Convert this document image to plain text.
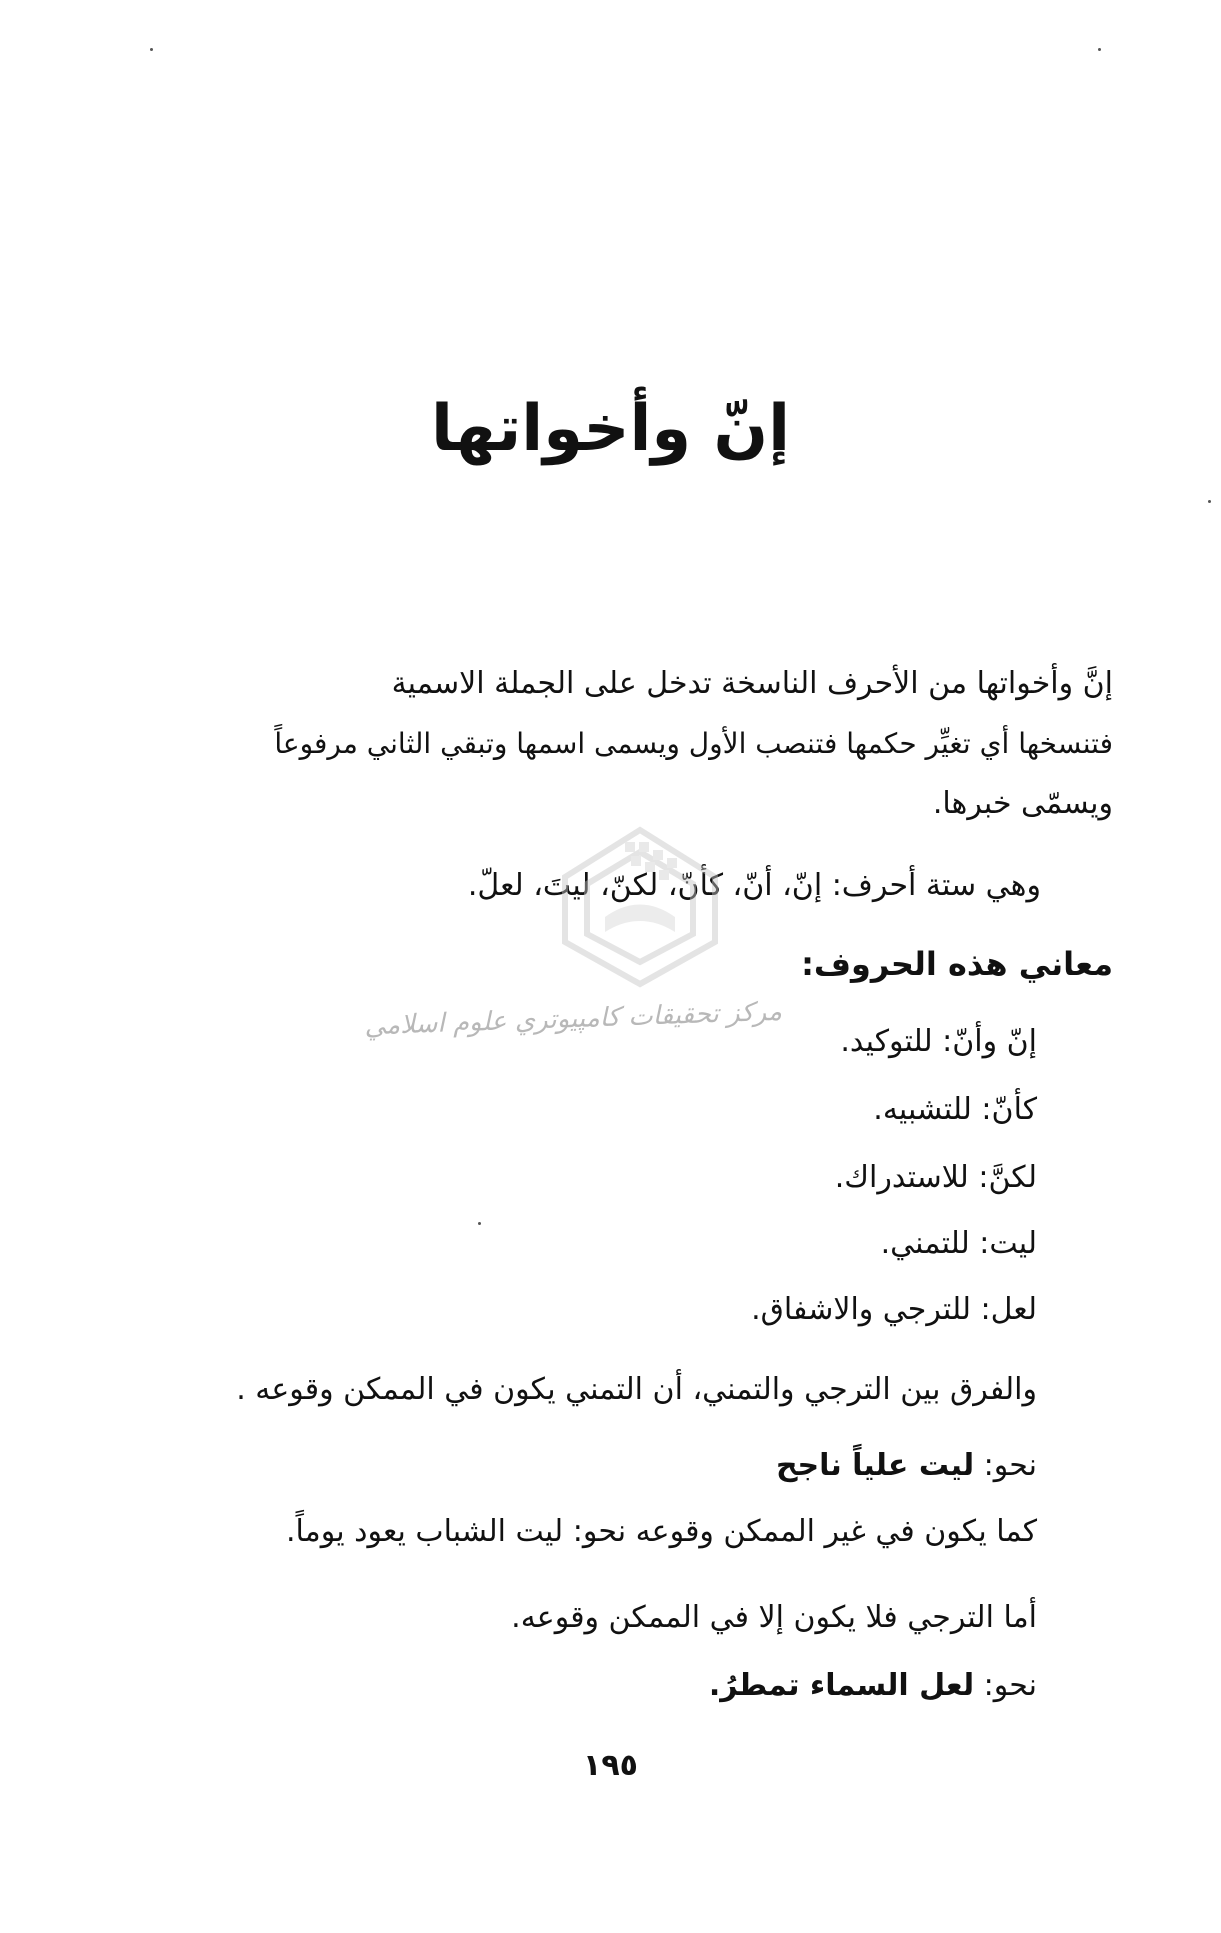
إنّ وأخواتها
إنَّ وأخواتها من الأحرف الناسخة تدخل على الجملة الاسمية
فتنسخها أي تغيِّر حكمها فتنصب الأول ويسمى اسمها وتبقي الثاني مرفوعاً
ويسمّى خبرها.
وهي ستة أحرف: إنّ، أنّ، كأنّ، لكنّ، ليتَ، لعلّ.
معاني هذه الحروف:
مركز تحقيقات كامپيوتري علوم اسلامي
إنّ وأنّ: للتوكيد.
كأنّ: للتشبيه.
لكنَّ: للاستدراك.
ليت: للتمني.
لعل: للترجي والاشفاق.
والفرق بين الترجي والتمني، أن التمني يكون في الممكن وقوعه .
نحو: ليت علياً ناجح
كما يكون في غير الممكن وقوعه نحو: ليت الشباب يعود يوماً.
أما الترجي فلا يكون إلا في الممكن وقوعه.
نحو: لعل السماء تمطرُ.
١٩٥
